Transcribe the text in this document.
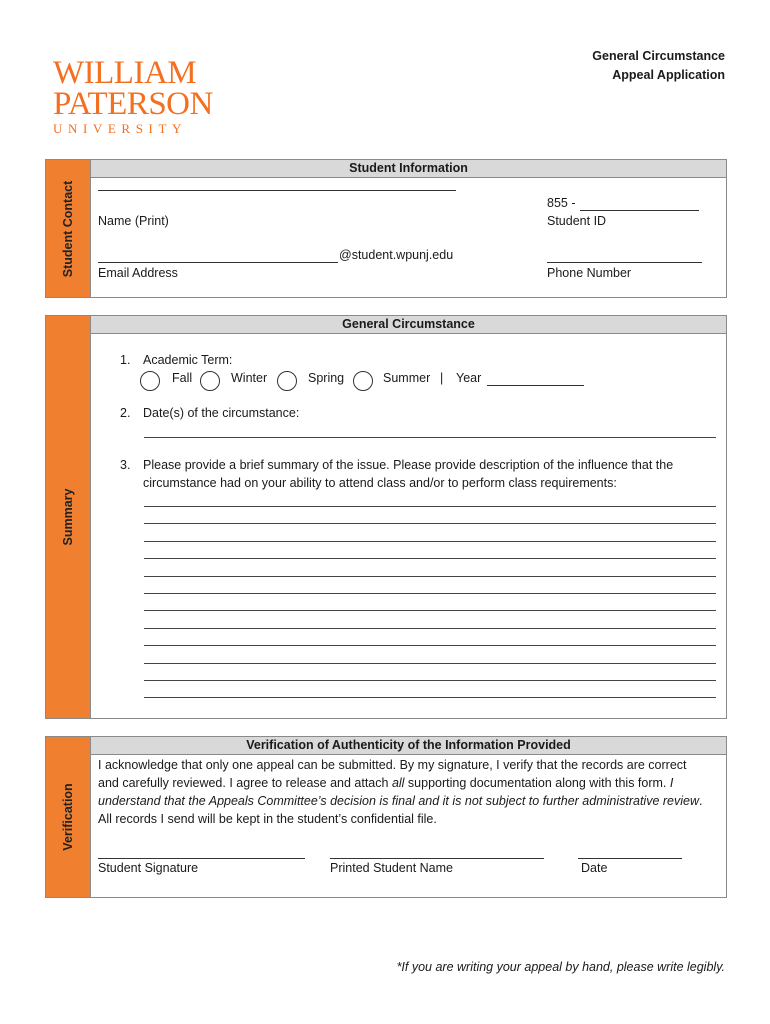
WILLIAM
PATERSON
UNIVERSITY
General Circumstance
Appeal Application
Student Contact
Student Information
Name (Print)
855 -
Student ID
@student.wpunj.edu
Email Address	Phone Number
Summary
General Circumstance
1. Academic Term:
Fall	Winter	Spring	Summer | Year
2. Date(s) of the circumstance:
3. Please provide a brief summary of the issue. Please provide description of the influence that the
circumstance had on your ability to attend class and/or to perform class requirements:
Verification
Verification of Authenticity of the Information Provided
I acknowledge that only one appeal can be submitted. By my signature, I verify that the records are correct
and carefully reviewed. I agree to release and attach all supporting documentation along with this form. I
understand that the Appeals Committee’s decision is final and it is not subject to further administrative review.
All records I send will be kept in the student’s confidential file.
Student Signature	Printed Student Name	Date
*If you are writing your appeal by hand, please write legibly.
